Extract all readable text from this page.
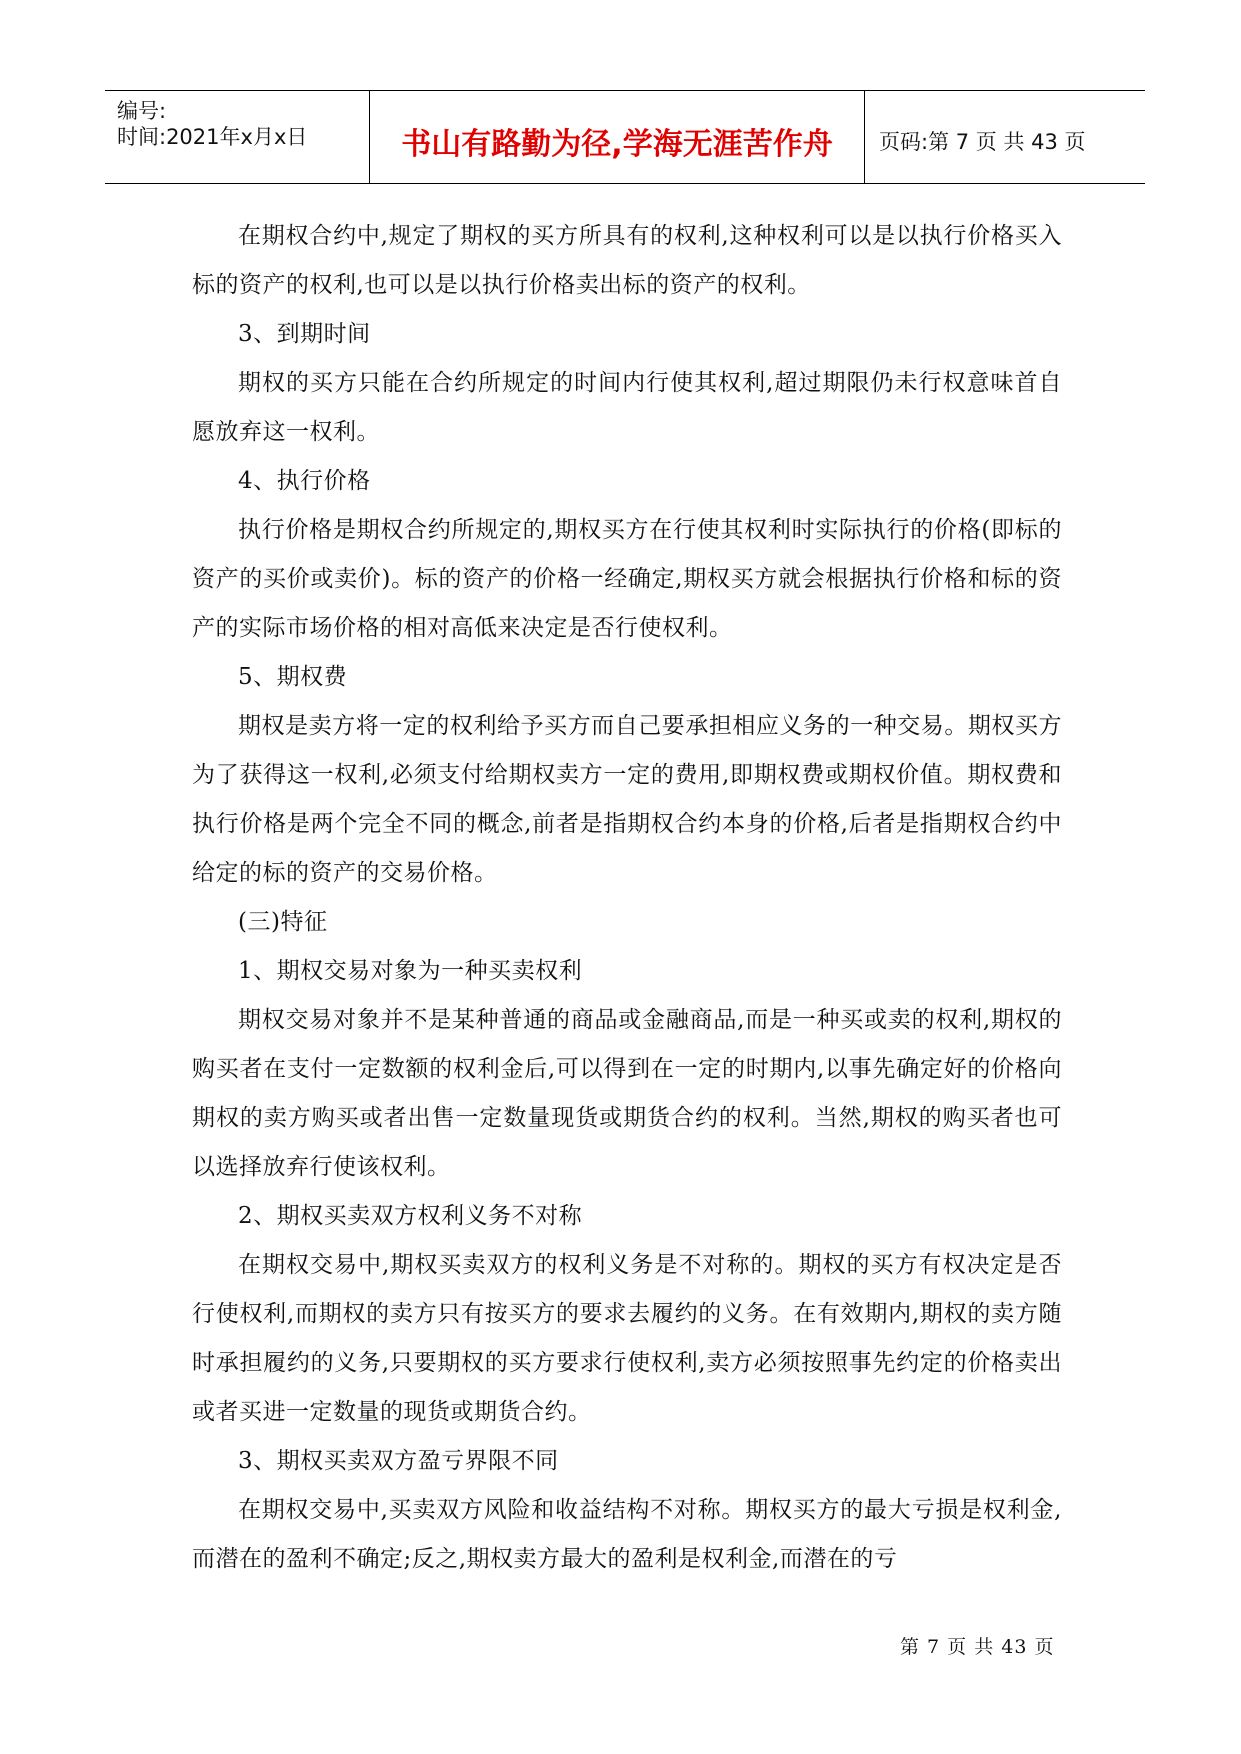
编号:
时间:2021年x月x日	书山有路勤为径,学海无涯苦作舟	页码:第 7 页 共 43 页

在期权合约中,规定了期权的买方所具有的权利,这种权利可以是以执行价格买入标的资产的权利,也可以是以执行价格卖出标的资产的权利。

3、到期时间

期权的买方只能在合约所规定的时间内行使其权利,超过期限仍未行权意味首自愿放弃这一权利。

4、执行价格

执行价格是期权合约所规定的,期权买方在行使其权利时实际执行的价格(即标的资产的买价或卖价)。标的资产的价格一经确定,期权买方就会根据执行价格和标的资产的实际市场价格的相对高低来决定是否行使权利。

5、期权费

期权是卖方将一定的权利给予买方而自己要承担相应义务的一种交易。期权买方为了获得这一权利,必须支付给期权卖方一定的费用,即期权费或期权价值。期权费和执行价格是两个完全不同的概念,前者是指期权合约本身的价格,后者是指期权合约中给定的标的资产的交易价格。

(三)特征

1、期权交易对象为一种买卖权利

期权交易对象并不是某种普通的商品或金融商品,而是一种买或卖的权利,期权的购买者在支付一定数额的权利金后,可以得到在一定的时期内,以事先确定好的价格向期权的卖方购买或者出售一定数量现货或期货合约的权利。当然,期权的购买者也可以选择放弃行使该权利。

2、期权买卖双方权利义务不对称

在期权交易中,期权买卖双方的权利义务是不对称的。期权的买方有权决定是否行使权利,而期权的卖方只有按买方的要求去履约的义务。在有效期内,期权的卖方随时承担履约的义务,只要期权的买方要求行使权利,卖方必须按照事先约定的价格卖出或者买进一定数量的现货或期货合约。

3、期权买卖双方盈亏界限不同

在期权交易中,买卖双方风险和收益结构不对称。期权买方的最大亏损是权利金,而潜在的盈利不确定;反之,期权卖方最大的盈利是权利金,而潜在的亏

第 7 页 共 43 页
